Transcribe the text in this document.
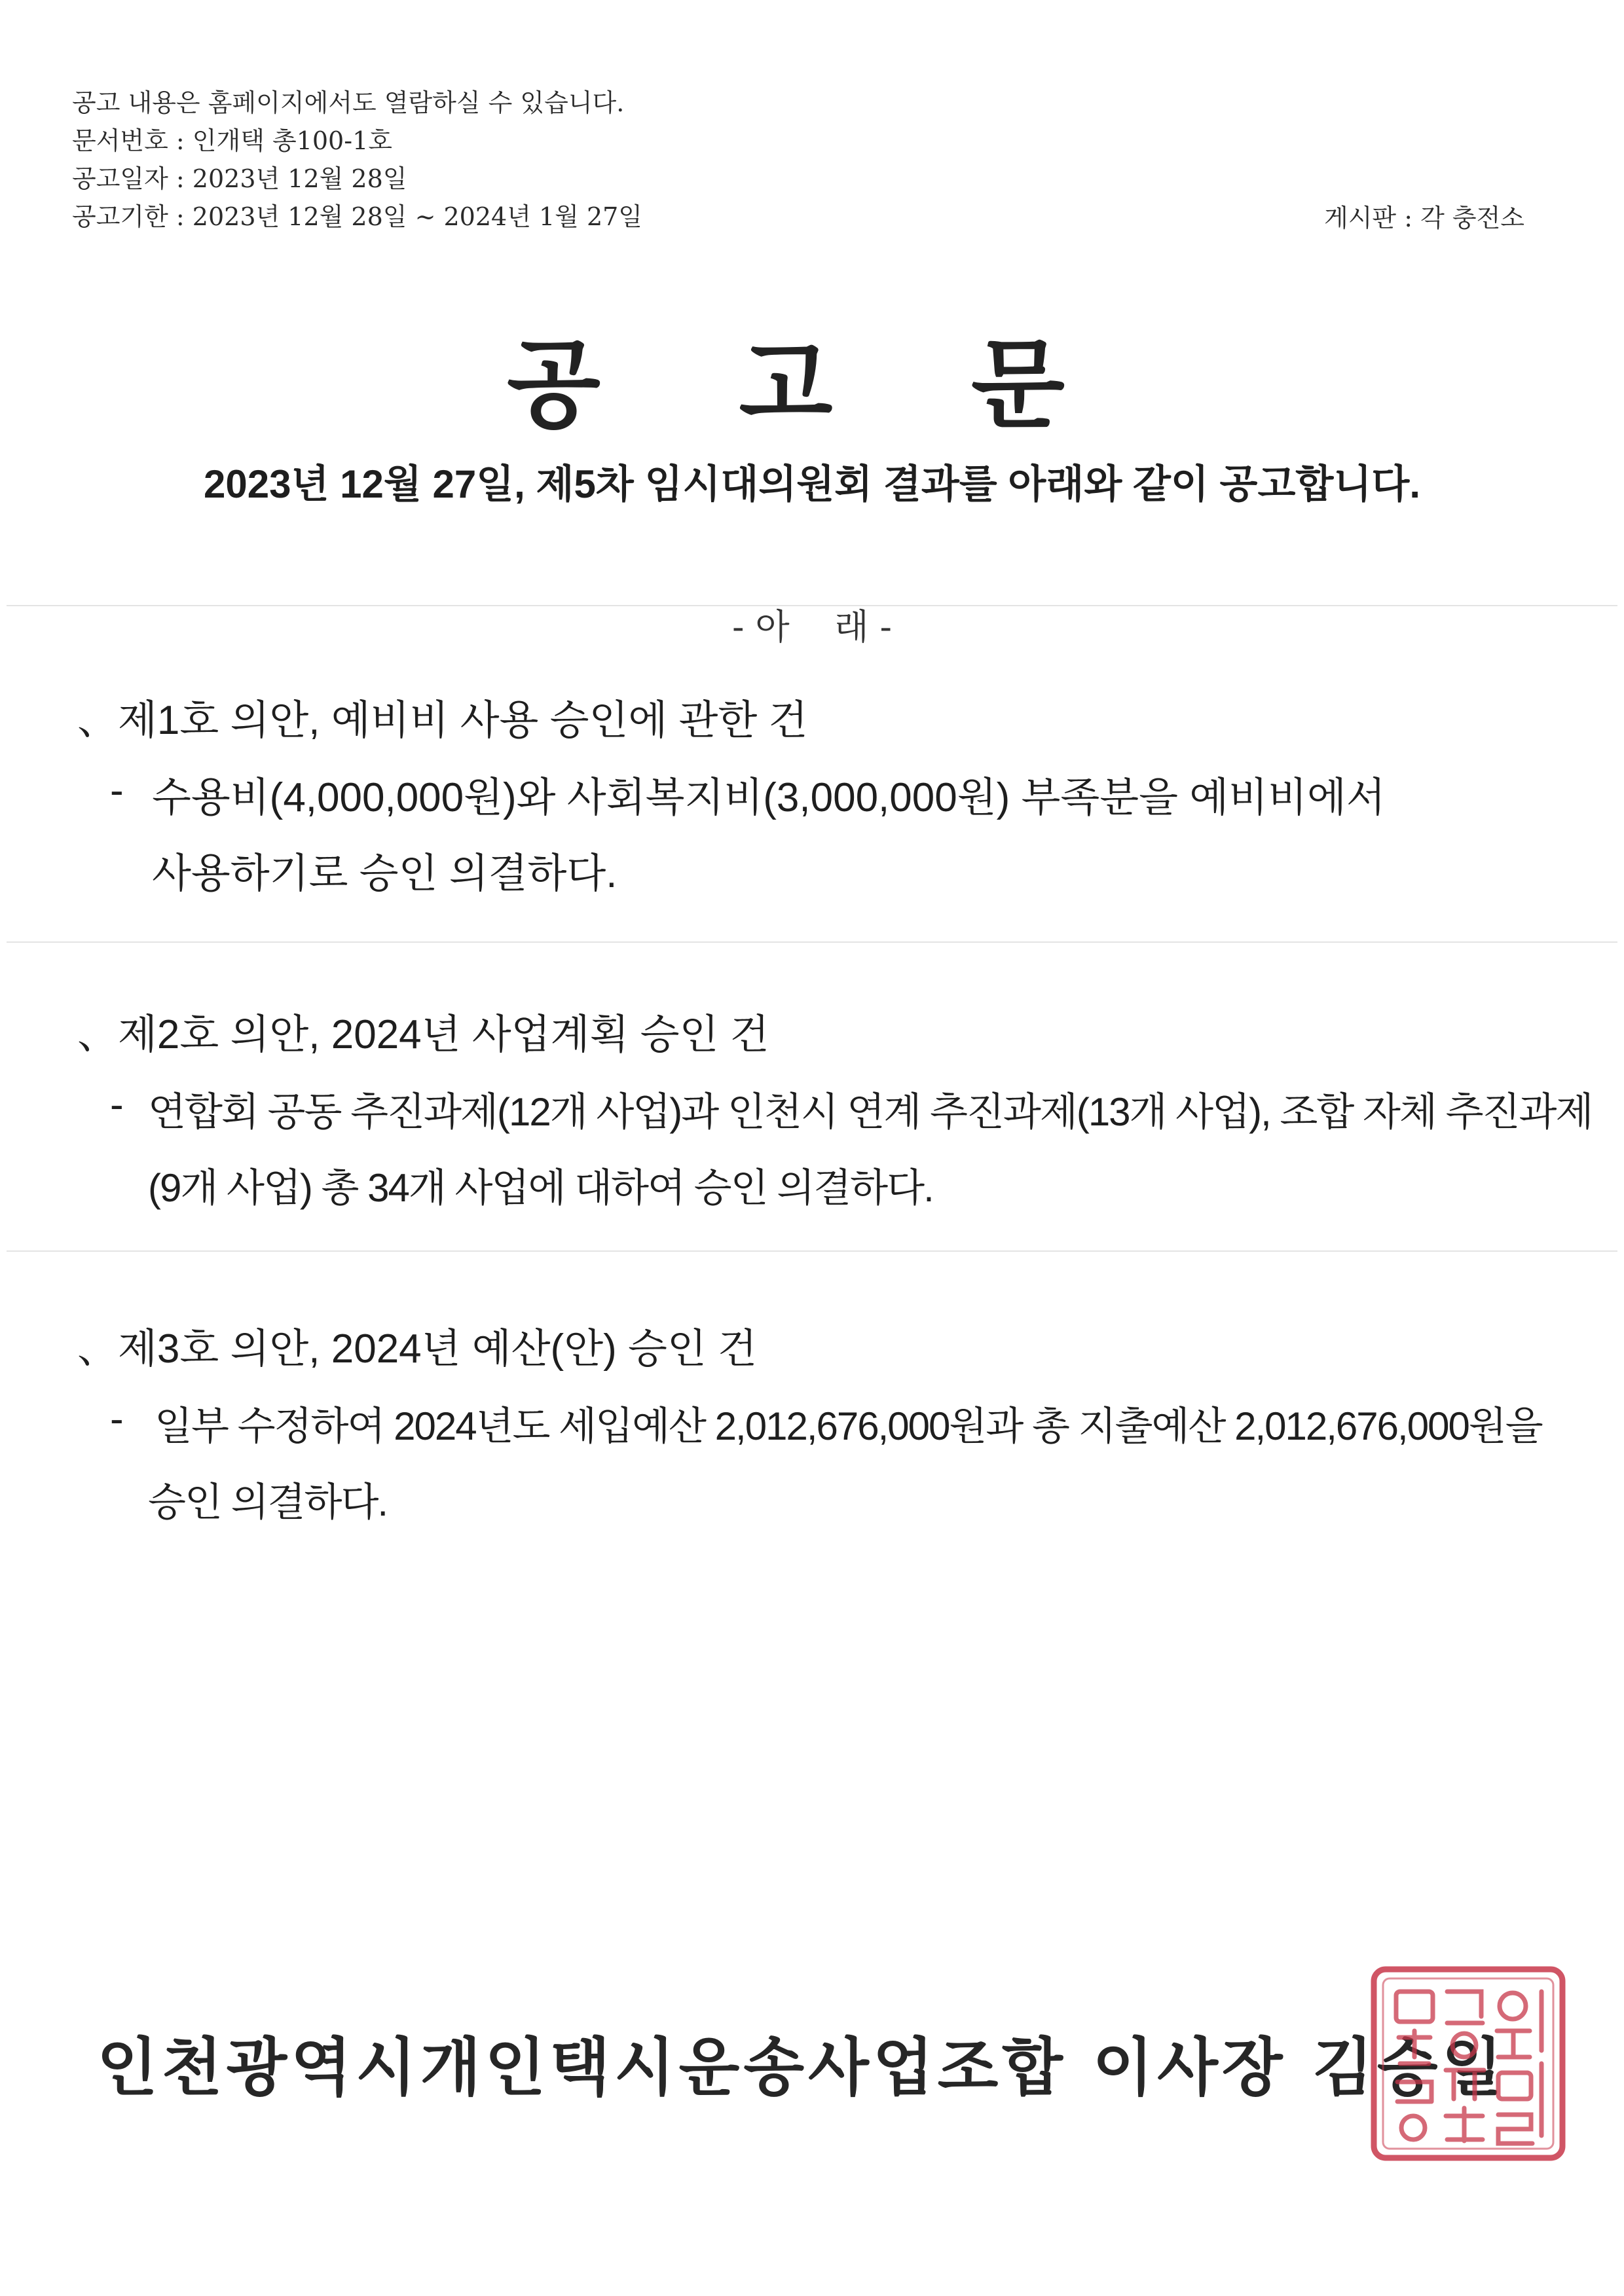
공고 내용은 홈페이지에서도 열람하실 수 있습니다.
문서번호 : 인개택 총100-1호
공고일자 : 2023년 12월 28일
공고기한 : 2023년 12월 28일 ~ 2024년 1월 27일	게시판 : 각 충전소
공 고 문
2023년 12월 27일, 제5차 임시대의원회 결과를 아래와 같이 공고합니다.
- 아    래 -
、제1호 의안, 예비비 사용 승인에 관한 건
- 수용비(4,000,000원)와 사회복지비(3,000,000원) 부족분을 예비비에서
사용하기로 승인 의결하다.
、제2호 의안, 2024년 사업계획 승인 건
- 연합회 공동 추진과제(12개 사업)과 인천시 연계 추진과제(13개 사업), 조합 자체 추진과제
(9개 사업) 총 34개 사업에 대하여 승인 의결하다.
、제3호 의안, 2024년 예산(안) 승인 건
- 일부 수정하여 2024년도 세입예산 2,012,676,000원과 총 지출예산 2,012,676,000원을
승인 의결하다.
인천광역시개인택시운송사업조합 이사장 김승일
